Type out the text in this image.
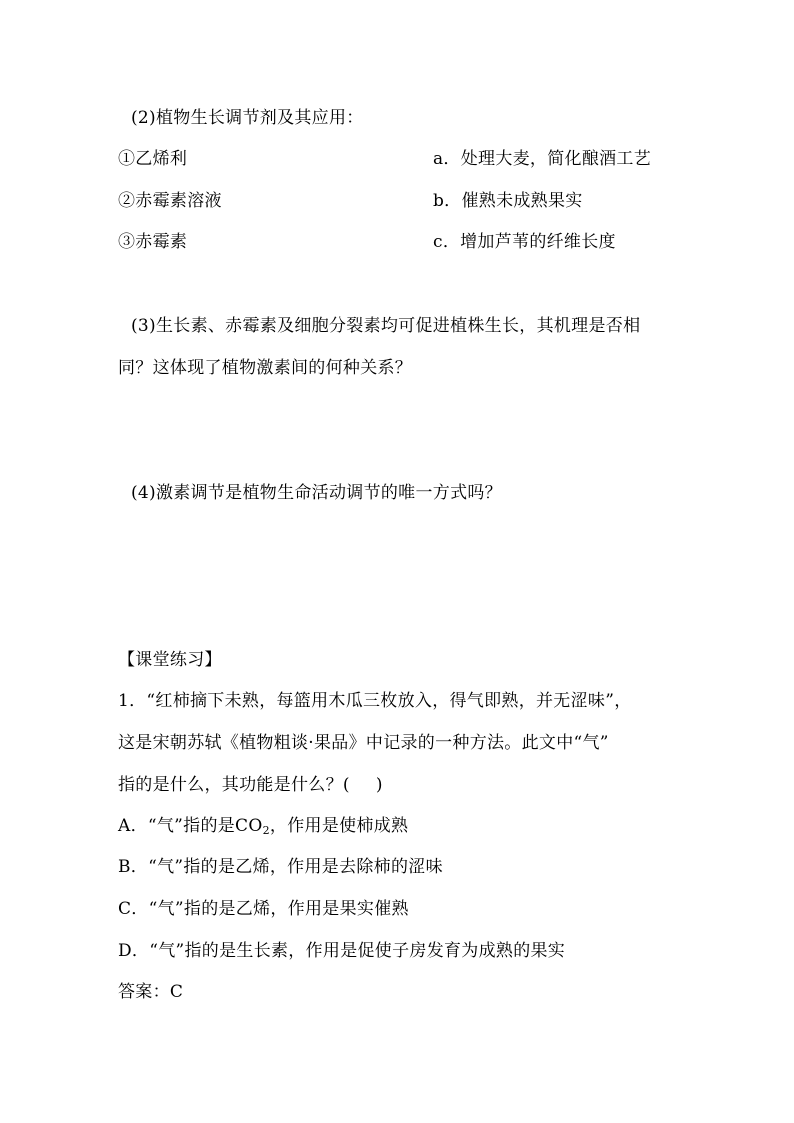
(2)植物生长调节剂及其应用：
①乙烯利	a．处理大麦，简化酿酒工艺
②赤霉素溶液	b．催熟未成熟果实
③赤霉素	c．增加芦苇的纤维长度
(3)生长素、赤霉素及细胞分裂素均可促进植株生长，其机理是否相
同？这体现了植物激素间的何种关系？
(4)激素调节是植物生命活动调节的唯一方式吗？
【课堂练习】
1．“红柿摘下未熟，每篮用木瓜三枚放入，得气即熟，并无涩味”，
这是宋朝苏轼《植物粗谈·果品》中记录的一种方法。此文中“气”
指的是什么，其功能是什么？( )
A．“气”指的是$CO_2$，作用是使柿成熟
B．“气”指的是乙烯，作用是去除柿的涩味
C．“气”指的是乙烯，作用是果实催熟
D．“气”指的是生长素，作用是促使子房发育为成熟的果实
答案：C
